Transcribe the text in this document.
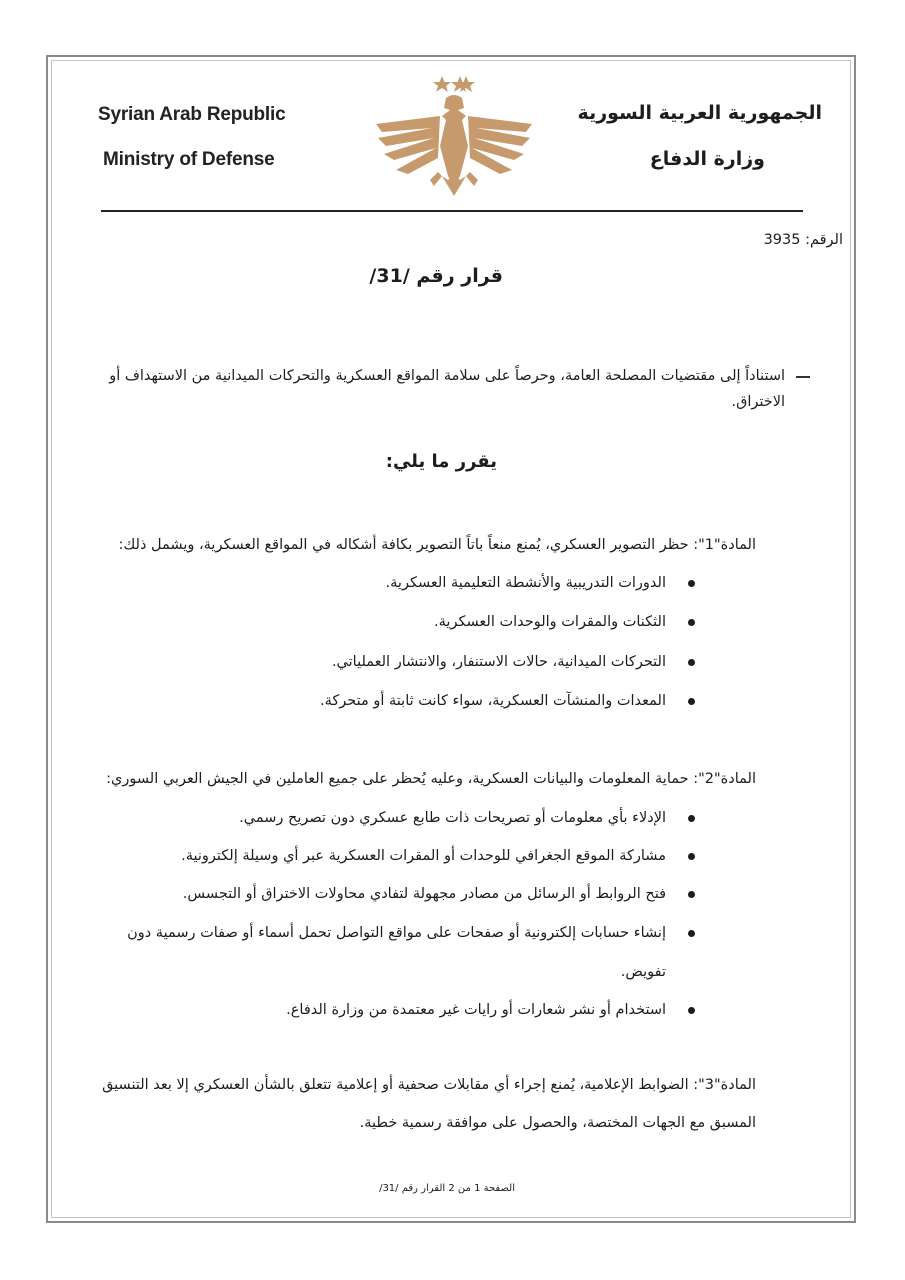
Syrian Arab Republic
Ministry of Defense
الجمهورية العربية السورية
وزارة الدفاع
الرقم: 3935
قرار رقم /31/
استناداً إلى مقتضيات المصلحة العامة، وحرصاً على سلامة المواقع العسكرية والتحركات الميدانية من الاستهداف أو
الاختراق.
يقرر ما يلي:
المادة"1": حظر التصوير العسكري، يُمنع منعاً باتاً التصوير بكافة أشكاله في المواقع العسكرية، ويشمل ذلك:
الدورات التدريبية والأنشطة التعليمية العسكرية.
الثكنات والمقرات والوحدات العسكرية.
التحركات الميدانية، حالات الاستنفار، والانتشار العملياتي.
المعدات والمنشآت العسكرية، سواء كانت ثابتة أو متحركة.
المادة"2": حماية المعلومات والبيانات العسكرية، وعليه يُحظر على جميع العاملين في الجيش العربي السوري:
الإدلاء بأي معلومات أو تصريحات ذات طابع عسكري دون تصريح رسمي.
مشاركة الموقع الجغرافي للوحدات أو المقرات العسكرية عبر أي وسيلة إلكترونية.
فتح الروابط أو الرسائل من مصادر مجهولة لتفادي محاولات الاختراق أو التجسس.
إنشاء حسابات إلكترونية أو صفحات على مواقع التواصل تحمل أسماء أو صفات رسمية دون
تفويض.
استخدام أو نشر شعارات أو رايات غير معتمدة من وزارة الدفاع.
المادة"3": الضوابط الإعلامية، يُمنع إجراء أي مقابلات صحفية أو إعلامية تتعلق بالشأن العسكري إلا بعد التنسيق
المسبق مع الجهات المختصة، والحصول على موافقة رسمية خطية.
الصفحة 1 من 2 القرار رقم /31/
